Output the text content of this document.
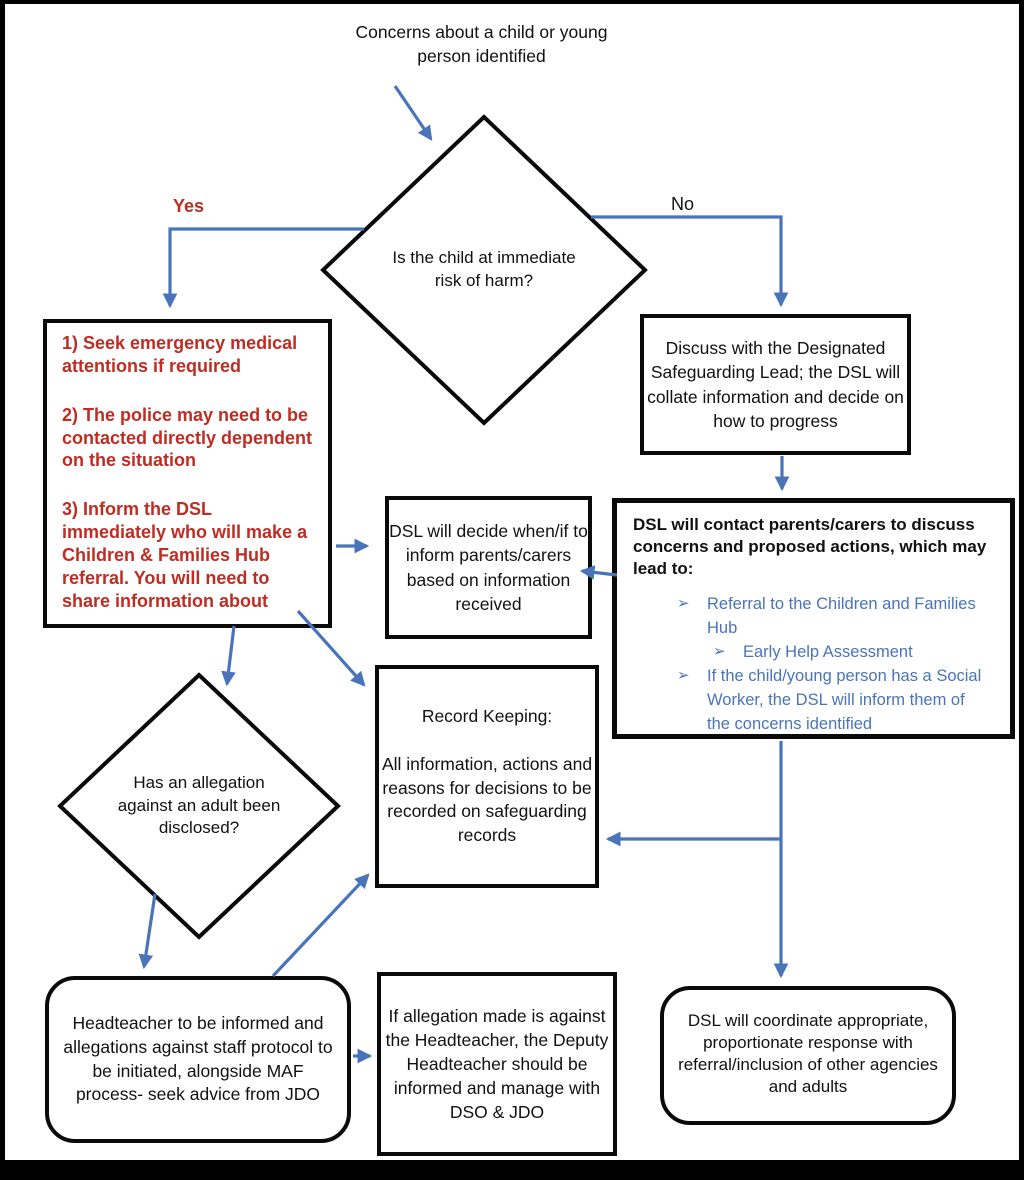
Concerns about a child or young person identified
Is the child at immediate risk of harm?
Yes	No

1) Seek emergency medical attentions if required

2) The police may need to be contacted directly dependent on the situation

3) Inform the DSL immediately who will make a Children & Families Hub referral. You will need to share information about

Discuss with the Designated Safeguarding Lead; the DSL will collate information and decide on how to progress
DSL will decide when/if to inform parents/carers based on information received
DSL will contact parents/carers to discuss concerns and proposed actions, which may lead to:
➢	Referral to the Children and Families Hub
➢	Early Help Assessment
➢	If the child/young person has a Social Worker, the DSL will inform them of the concerns identified
Record Keeping:
All information, actions and reasons for decisions to be recorded on safeguarding records
Has an allegation against an adult been disclosed?
Headteacher to be informed and allegations against staff protocol to be initiated, alongside MAF process- seek advice from JDO
If allegation made is against the Headteacher, the Deputy Headteacher should be informed and manage with DSO & JDO
DSL will coordinate appropriate, proportionate response with referral/inclusion of other agencies and adults
